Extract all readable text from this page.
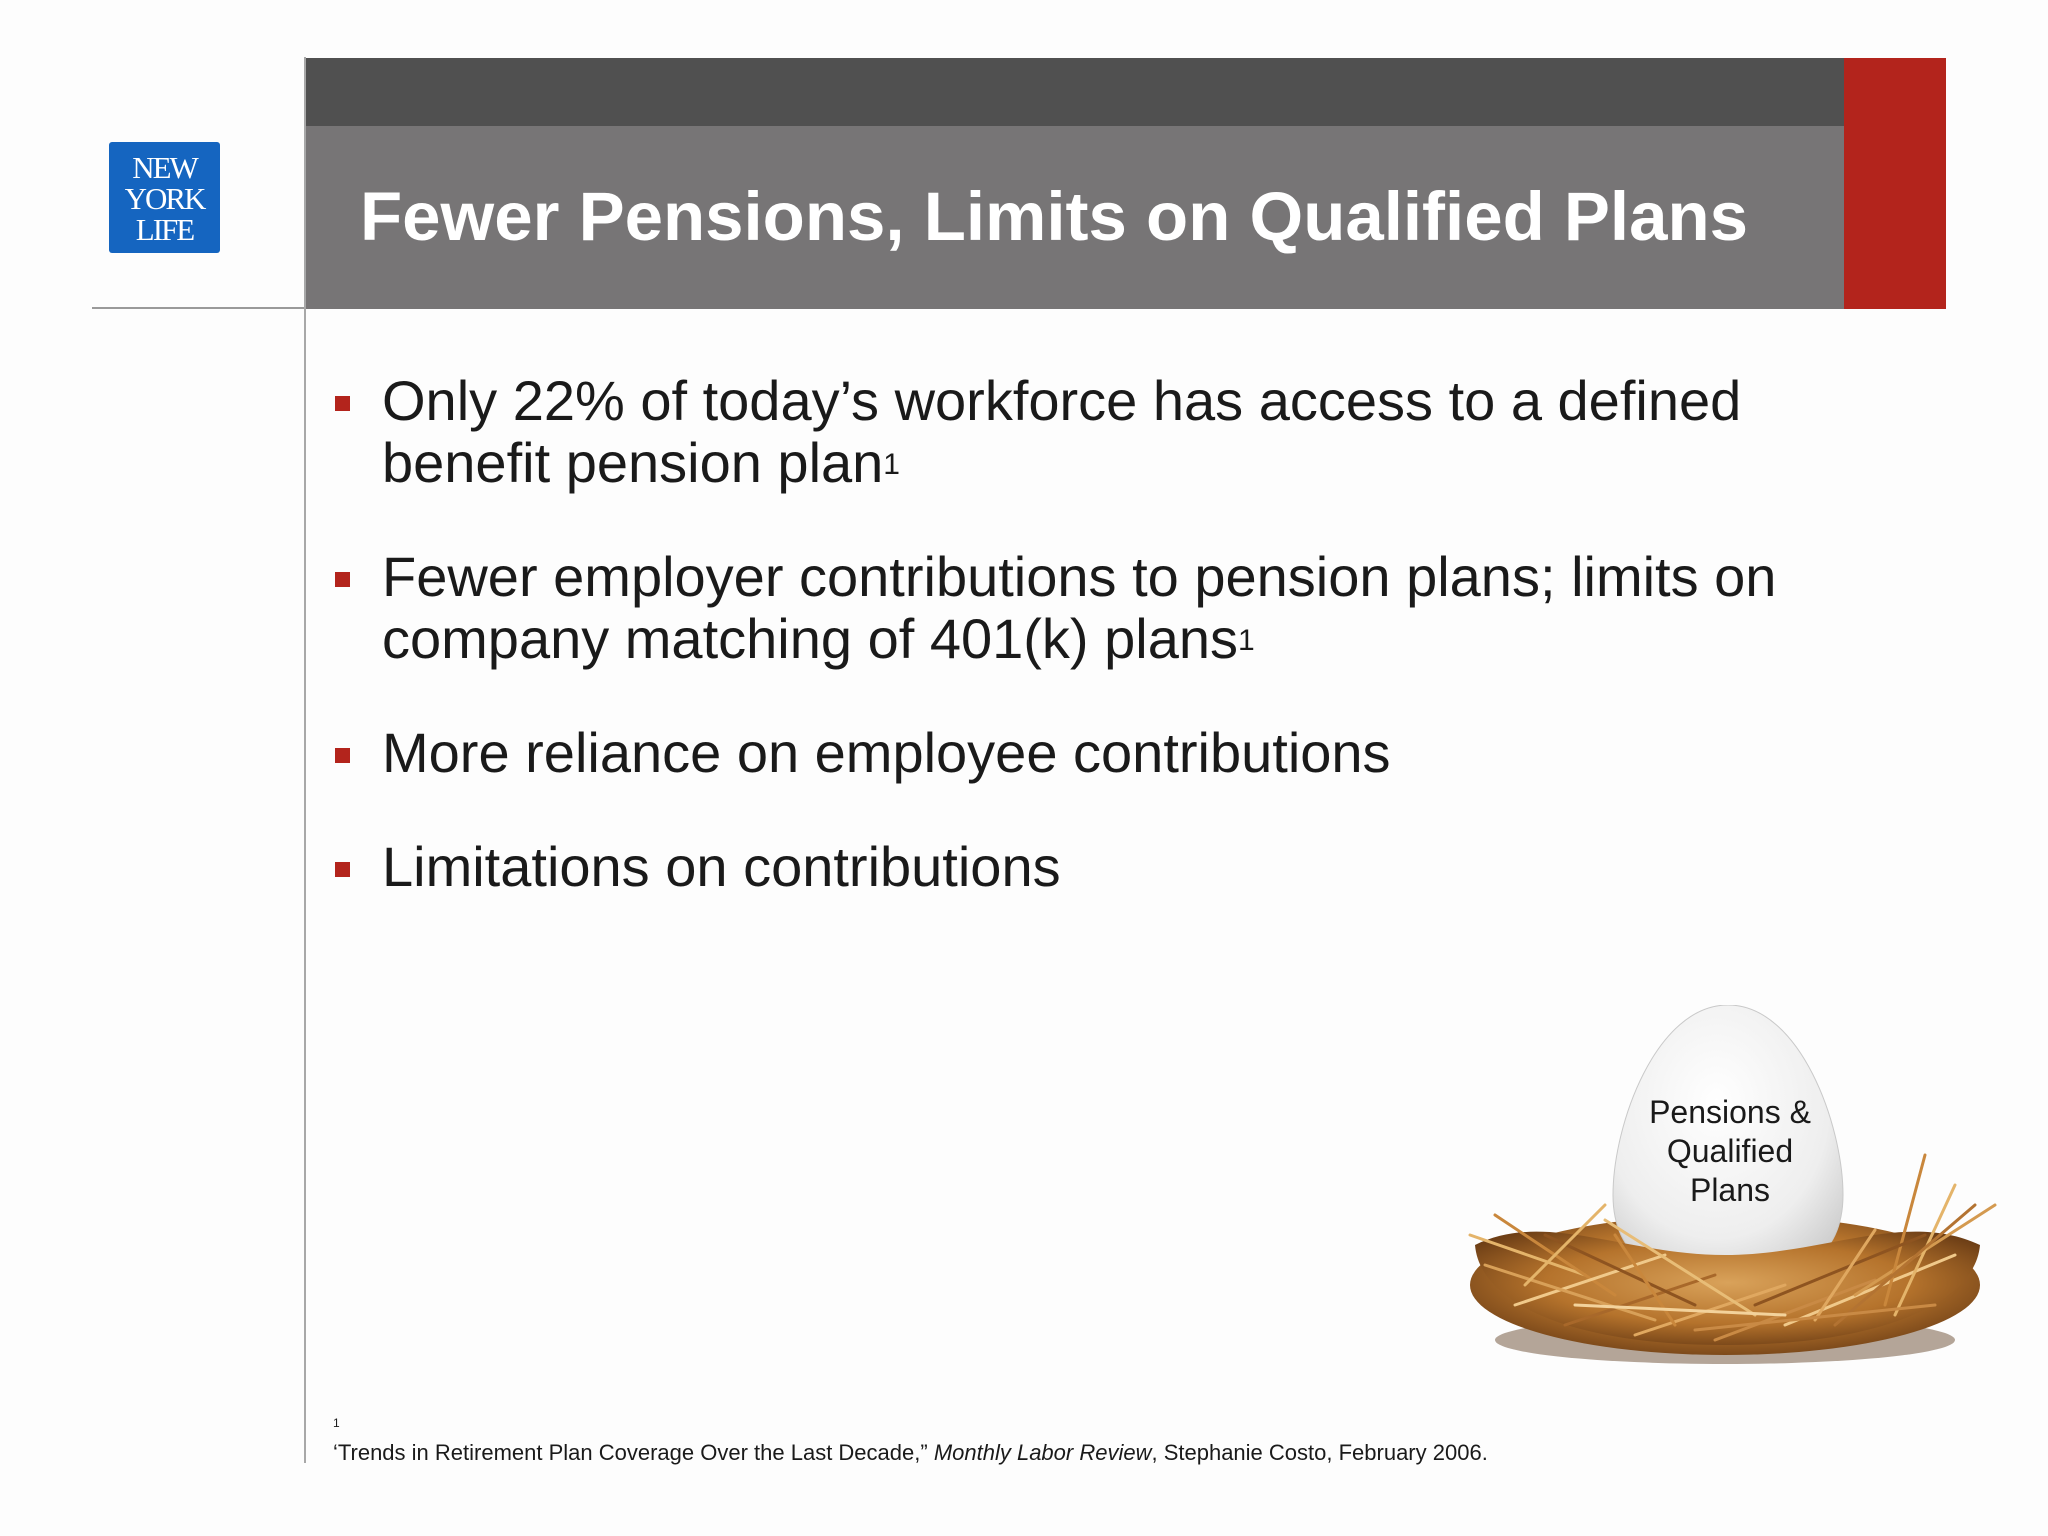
NEW
YORK
LIFE	Fewer Pensions, Limits on Qualified Plans
Only 22% of today’s workforce has access to a defined benefit pension plan$^1$
Fewer employer contributions to pension plans; limits on company matching of 401(k) plans$^1$
More reliance on employee contributions
Limitations on contributions
Pensions &
Qualified
Plans
1
‘Trends in Retirement Plan Coverage Over the Last Decade,” Monthly Labor Review, Stephanie Costo, February 2006.
